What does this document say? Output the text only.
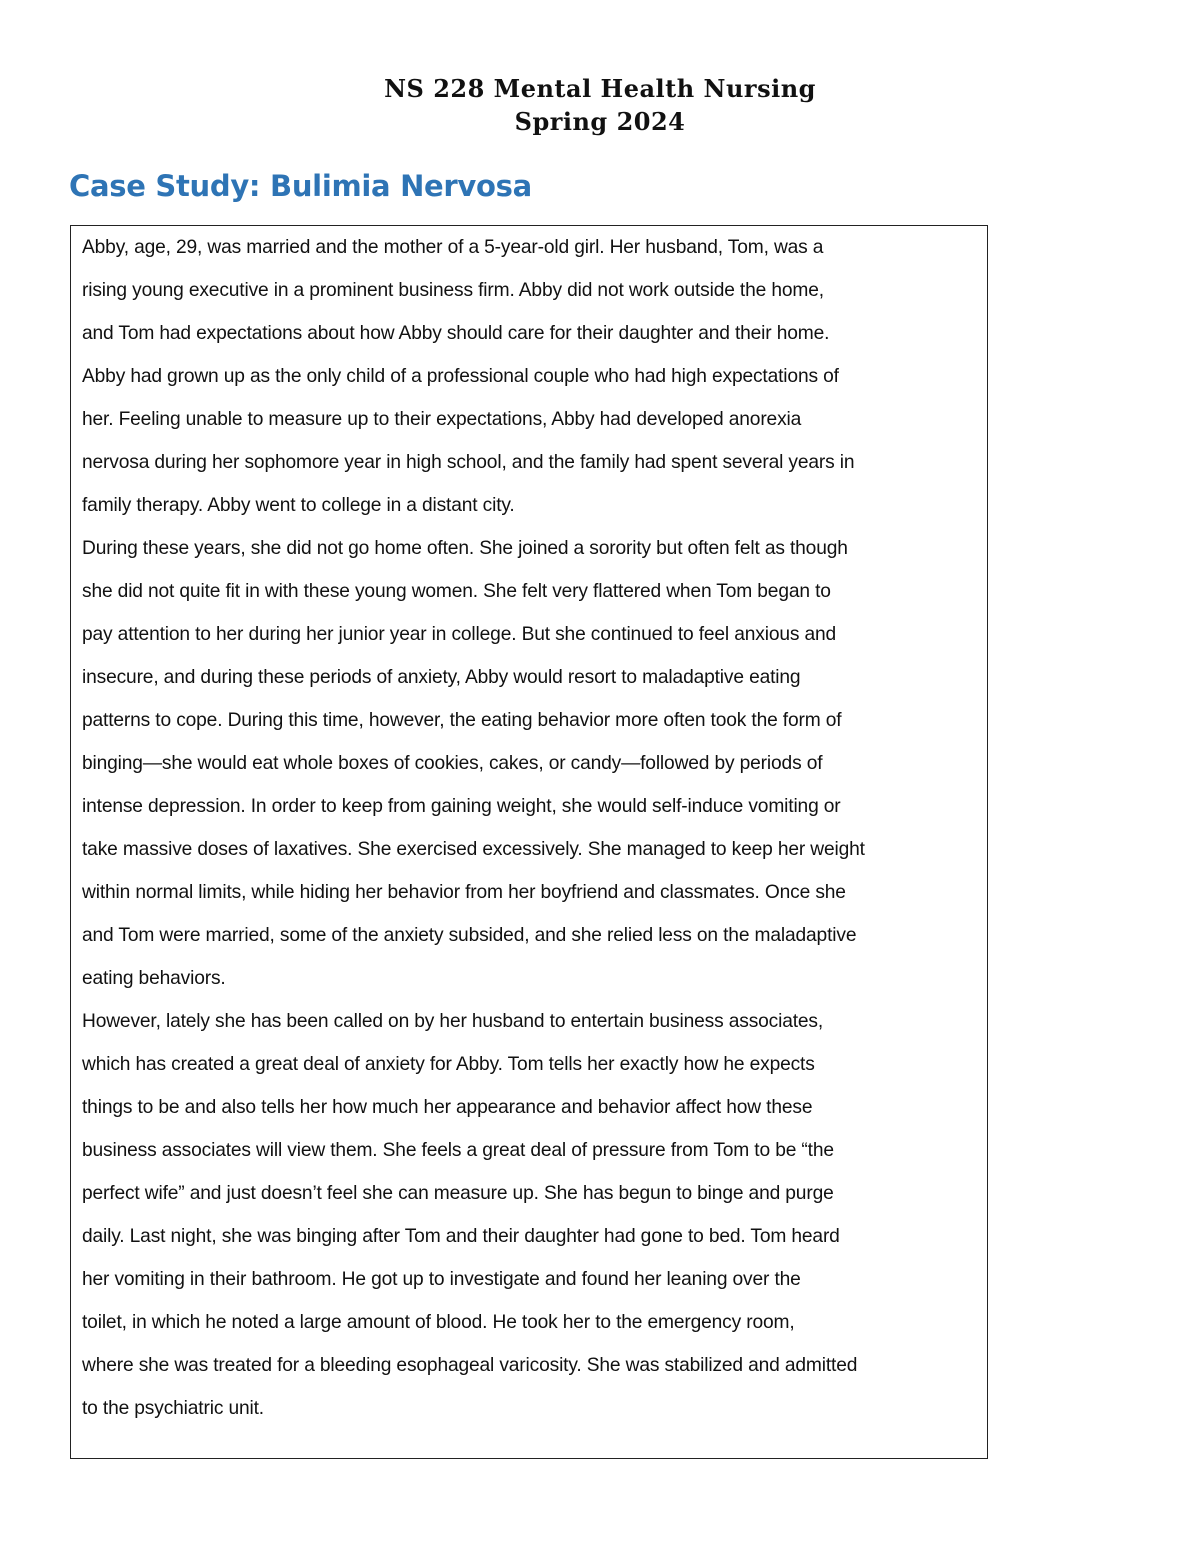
NS 228 Mental Health Nursing
Spring 2024
Case Study: Bulimia Nervosa

Abby, age, 29, was married and the mother of a 5-year-old girl. Her husband, Tom, was a
rising young executive in a prominent business firm. Abby did not work outside the home,
and Tom had expectations about how Abby should care for their daughter and their home.
Abby had grown up as the only child of a professional couple who had high expectations of
her. Feeling unable to measure up to their expectations, Abby had developed anorexia
nervosa during her sophomore year in high school, and the family had spent several years in
family therapy. Abby went to college in a distant city.

During these years, she did not go home often. She joined a sorority but often felt as though
she did not quite fit in with these young women. She felt very flattered when Tom began to
pay attention to her during her junior year in college. But she continued to feel anxious and
insecure, and during these periods of anxiety, Abby would resort to maladaptive eating
patterns to cope. During this time, however, the eating behavior more often took the form of
binging—she would eat whole boxes of cookies, cakes, or candy—followed by periods of
intense depression. In order to keep from gaining weight, she would self-induce vomiting or
take massive doses of laxatives. She exercised excessively. She managed to keep her weight
within normal limits, while hiding her behavior from her boyfriend and classmates. Once she
and Tom were married, some of the anxiety subsided, and she relied less on the maladaptive
eating behaviors.

However, lately she has been called on by her husband to entertain business associates,
which has created a great deal of anxiety for Abby. Tom tells her exactly how he expects
things to be and also tells her how much her appearance and behavior affect how these
business associates will view them. She feels a great deal of pressure from Tom to be “the
perfect wife” and just doesn’t feel she can measure up. She has begun to binge and purge
daily. Last night, she was binging after Tom and their daughter had gone to bed. Tom heard
her vomiting in their bathroom. He got up to investigate and found her leaning over the
toilet, in which he noted a large amount of blood. He took her to the emergency room,
where she was treated for a bleeding esophageal varicosity. She was stabilized and admitted
to the psychiatric unit.
